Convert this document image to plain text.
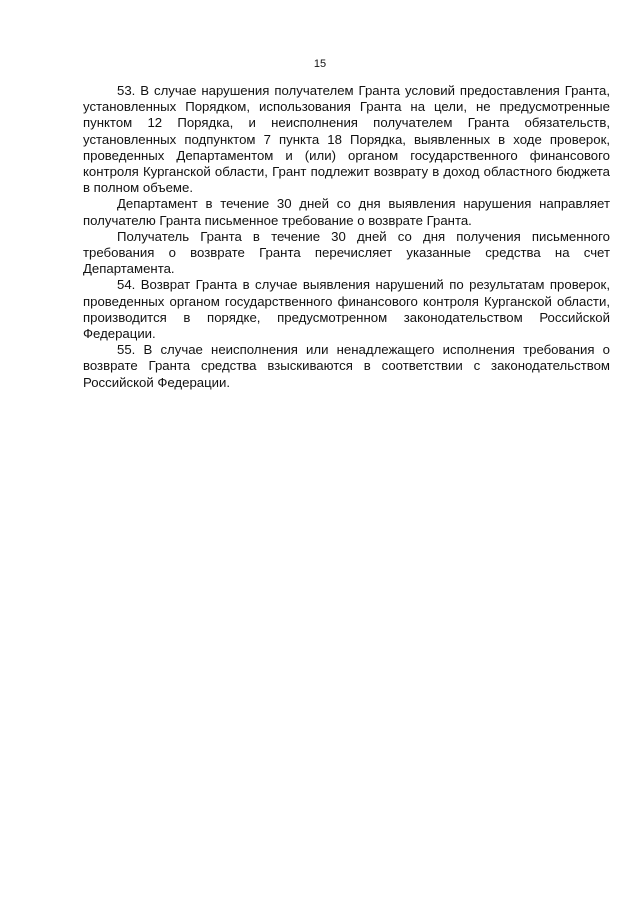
15

53. В случае нарушения получателем Гранта условий предоставления Гранта, установленных Порядком, использования Гранта на цели, не предусмотренные пунктом 12 Порядка, и неисполнения получателем Гранта обязательств, установленных подпунктом 7 пункта 18 Порядка, выявленных в ходе проверок, проведенных Департаментом и (или) органом государственного финансового контроля Курганской области, Грант подлежит возврату в доход областного бюджета в полном объеме.

Департамент в течение 30 дней со дня выявления нарушения направляет получателю Гранта письменное требование о возврате Гранта.

Получатель Гранта в течение 30 дней со дня получения письменного требования о возврате Гранта перечисляет указанные средства на счет Департамента.

54. Возврат Гранта в случае выявления нарушений по результатам проверок, проведенных органом государственного финансового контроля Курганской области, производится в порядке, предусмотренном законодательством Российской Федерации.

55. В случае неисполнения или ненадлежащего исполнения требования о возврате Гранта средства взыскиваются в соответствии с законодательством Российской Федерации.
